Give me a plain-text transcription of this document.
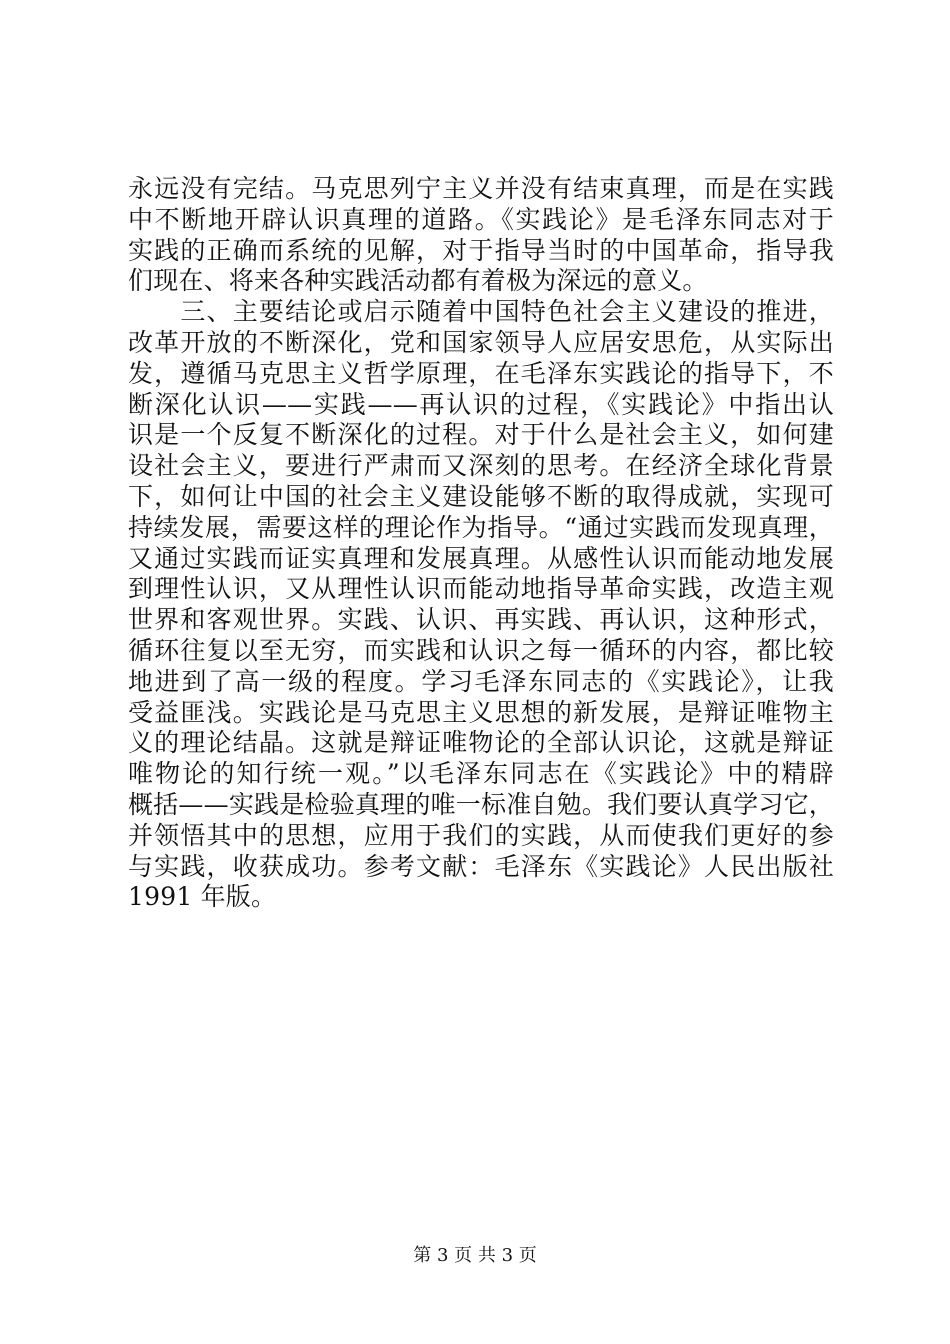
永远没有完结。马克思列宁主义并没有结束真理，而是在实践
中不断地开辟认识真理的道路。《实践论》是毛泽东同志对于
实践的正确而系统的见解，对于指导当时的中国革命，指导我
们现在、将来各种实践活动都有着极为深远的意义。
　　三、主要结论或启示随着中国特色社会主义建设的推进，
改革开放的不断深化，党和国家领导人应居安思危，从实际出
发，遵循马克思主义哲学原理，在毛泽东实践论的指导下，不
断深化认识——实践——再认识的过程，《实践论》中指出认
识是一个反复不断深化的过程。对于什么是社会主义，如何建
设社会主义，要进行严肃而又深刻的思考。在经济全球化背景
下，如何让中国的社会主义建设能够不断的取得成就，实现可
持续发展，需要这样的理论作为指导。“通过实践而发现真理，
又通过实践而证实真理和发展真理。从感性认识而能动地发展
到理性认识，又从理性认识而能动地指导革命实践，改造主观
世界和客观世界。实践、认识、再实践、再认识，这种形式，
循环往复以至无穷，而实践和认识之每一循环的内容，都比较
地进到了高一级的程度。学习毛泽东同志的《实践论》，让我
受益匪浅。实践论是马克思主义思想的新发展，是辩证唯物主
义的理论结晶。这就是辩证唯物论的全部认识论，这就是辩证
唯物论的知行统一观。”以毛泽东同志在《实践论》中的精辟
概括——实践是检验真理的唯一标准自勉。我们要认真学习它，
并领悟其中的思想，应用于我们的实践，从而使我们更好的参
与实践，收获成功。参考文献：毛泽东《实践论》人民出版社
1991 年版。
第 3 页 共 3 页
